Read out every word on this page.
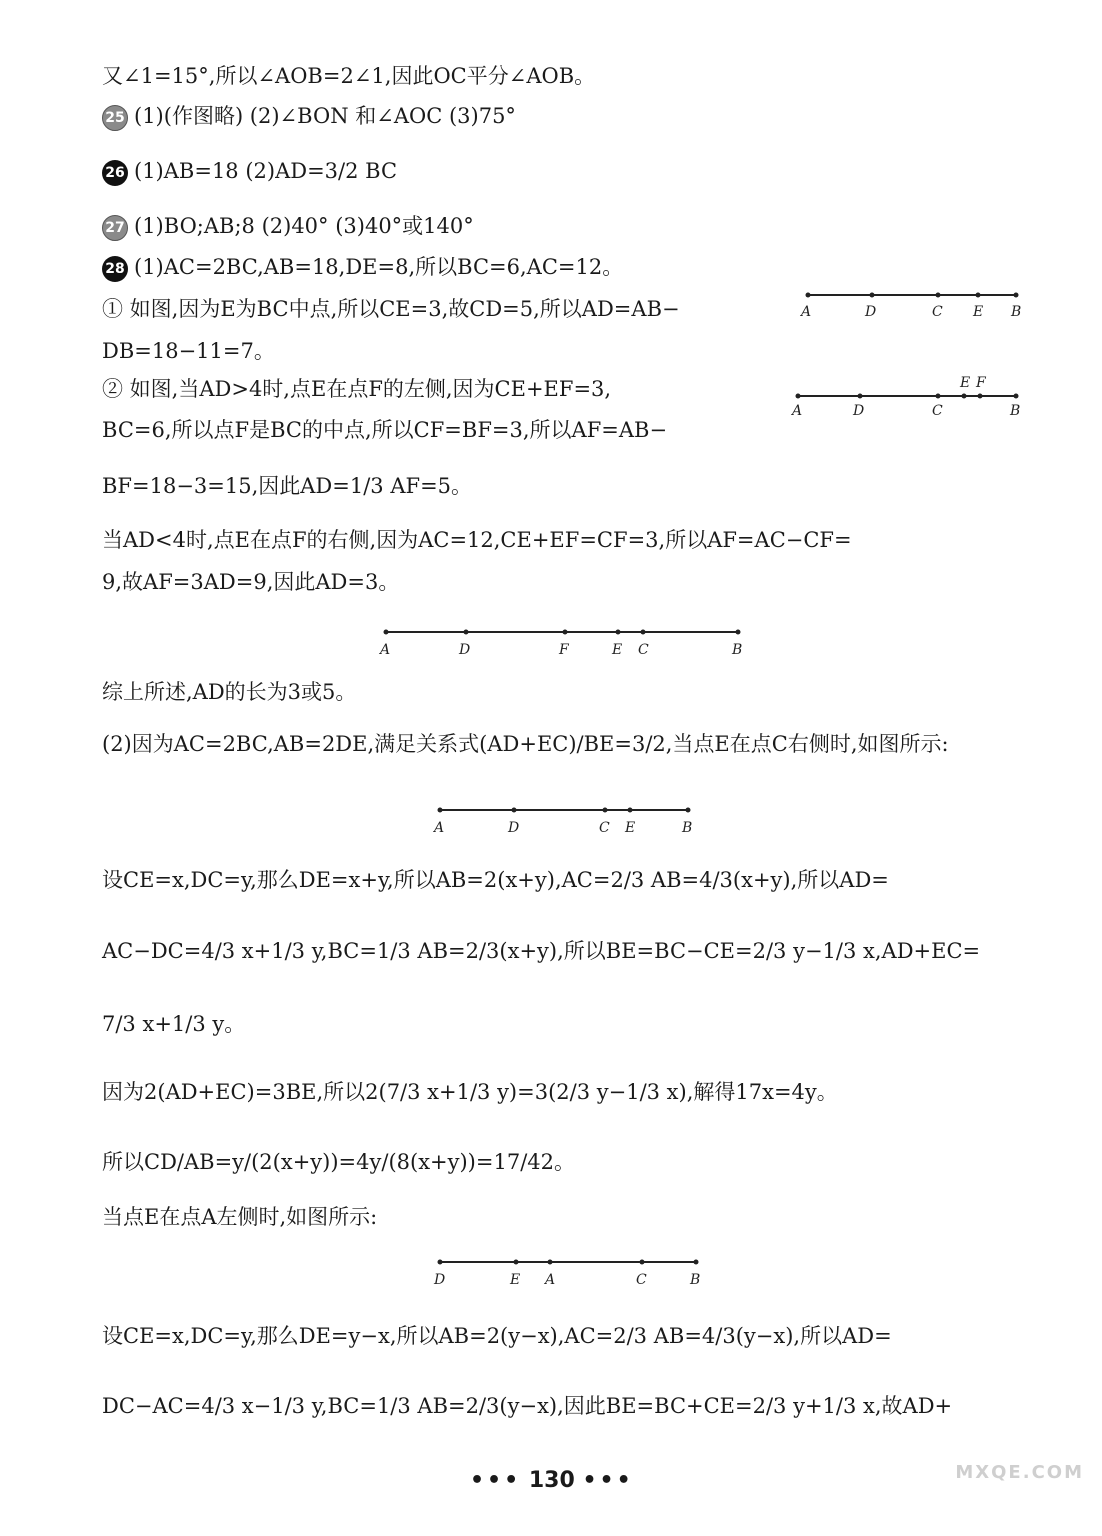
又∠1=15°,所以∠AOB=2∠1,因此OC平分∠AOB。
25 (1)(作图略) (2)∠BON 和∠AOC (3)75°
26 (1)AB=18 (2)AD=3/2 BC
27 (1)BO;AB;8 (2)40° (3)40°或140°
28 (1)AC=2BC,AB=18,DE=8,所以BC=6,AC=12。
① 如图,因为E为BC中点,所以CE=3,故CD=5,所以AD=AB−
DB=18−11=7。
② 如图,当AD>4时,点E在点F的左侧,因为CE+EF=3,
BC=6,所以点F是BC的中点,所以CF=BF=3,所以AF=AB−
BF=18−3=15,因此AD=1/3 AF=5。
当AD<4时,点E在点F的右侧,因为AC=12,CE+EF=CF=3,所以AF=AC−CF=
9,故AF=3AD=9,因此AD=3。
综上所述,AD的长为3或5。
(2)因为AC=2BC,AB=2DE,满足关系式(AD+EC)/BE=3/2,当点E在点C右侧时,如图所示:
设CE=x,DC=y,那么DE=x+y,所以AB=2(x+y),AC=2/3 AB=4/3(x+y),所以AD=
AC−DC=4/3 x+1/3 y,BC=1/3 AB=2/3(x+y),所以BE=BC−CE=2/3 y−1/3 x,AD+EC=
7/3 x+1/3 y。
因为2(AD+EC)=3BE,所以2(7/3 x+1/3 y)=3(2/3 y−1/3 x),解得17x=4y。
所以CD/AB=y/(2(x+y))=4y/(8(x+y))=17/42。
当点E在点A左侧时,如图所示:
设CE=x,DC=y,那么DE=y−x,所以AB=2(y−x),AC=2/3 AB=4/3(y−x),所以AD=
DC−AC=4/3 x−1/3 y,BC=1/3 AB=2/3(y−x),因此BE=BC+CE=2/3 y+1/3 x,故AD+
A	D	C E B
E F
A	D	C	B
A	D	F	E C	B
A	D	C E	B
D	E A	C	B
••• 130 •••	MXQE.COM
